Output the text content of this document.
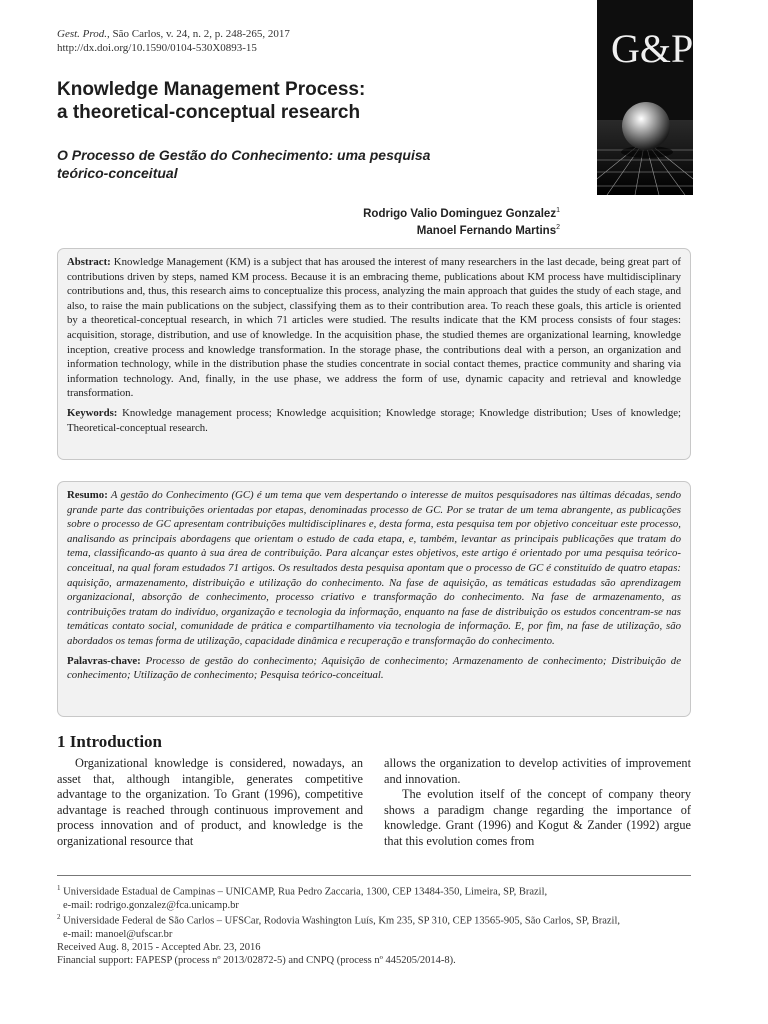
Gest. Prod., São Carlos, v. 24, n. 2, p. 248-265, 2017
http://dx.doi.org/10.1590/0104-530X0893-15	G&P
Knowledge Management Process:
a theoretical-conceptual research
O Processo de Gestão do Conhecimento: uma pesquisa
teórico-conceitual
Rodrigo Valio Dominguez Gonzalez$^1$
Manoel Fernando Martins$^2$

Abstract: Knowledge Management (KM) is a subject that has aroused the interest of many researchers in the last decade, being great part of contributions driven by steps, named KM process. Because it is an embracing theme, publications about KM process have multidisciplinary contributions and, thus, this research aims to conceptualize this process, analyzing the main approach that guides the study of each stage, and also, to raise the main publications on the subject, classifying them as to their contribution area. To reach these goals, this article is oriented by a theoretical-conceptual research, in which 71 articles were studied. The results indicate that the KM process consists of four stages: acquisition, storage, distribution, and use of knowledge. In the acquisition phase, the studied themes are organizational learning, knowledge inception, creative process and knowledge transformation. In the storage phase, the contributions deal with a person, an organization and information technology, while in the distribution phase the studies concentrate in social contact themes, practice community and sharing via information technology. And, finally, in the use phase, we address the form of use, dynamic capacity and retrieval and knowledge transformation.

Keywords: Knowledge management process; Knowledge acquisition; Knowledge storage; Knowledge distribution; Uses of knowledge; Theoretical-conceptual research.

Resumo: A gestão do Conhecimento (GC) é um tema que vem despertando o interesse de muitos pesquisadores nas últimas décadas, sendo grande parte das contribuições orientadas por etapas, denominadas processo de GC. Por se tratar de um tema abrangente, as publicações sobre o processo de GC apresentam contribuições multidisciplinares e, desta forma, esta pesquisa tem por objetivo conceituar este processo, analisando as principais abordagens que orientam o estudo de cada etapa, e, também, levantar as principais publicações que tratam do tema, classificando-as quanto à sua área de contribuição. Para alcançar estes objetivos, este artigo é orientado por uma pesquisa teórico-conceitual, na qual foram estudados 71 artigos. Os resultados desta pesquisa apontam que o processo de GC é constituído de quatro etapas: aquisição, armazenamento, distribuição e utilização do conhecimento. Na fase de aquisição, as temáticas estudadas são aprendizagem organizacional, absorção de conhecimento, processo criativo e transformação do conhecimento. Na fase de armazenamento, as contribuições tratam do indivíduo, organização e tecnologia da informação, enquanto na fase de distribuição os estudos concentram-se nas temáticas contato social, comunidade de prática e compartilhamento via tecnologia de informação. E, por fim, na fase de utilização, são abordados os temas forma de utilização, capacidade dinâmica e recuperação e transformação do conhecimento.

Palavras-chave: Processo de gestão do conhecimento; Aquisição de conhecimento; Armazenamento de conhecimento; Distribuição de conhecimento; Utilização de conhecimento; Pesquisa teórico-conceitual.

1 Introduction

Organizational knowledge is considered, nowadays, an asset that, although intangible, generates competitive advantage to the organization. To Grant (1996), competitive advantage is reached through continuous improvement and process innovation and of product, and knowledge is the organizational resource that

allows the organization to develop activities of improvement and innovation.

The evolution itself of the concept of company theory shows a paradigm change regarding the importance of knowledge. Grant (1996) and Kogut & Zander (1992) argue that this evolution comes from

$^1$ Universidade Estadual de Campinas – UNICAMP, Rua Pedro Zaccaria, 1300, CEP 13484-350, Limeira, SP, Brazil,
e-mail: rodrigo.gonzalez@fca.unicamp.br
$^2$ Universidade Federal de São Carlos – UFSCar, Rodovia Washington Luís, Km 235, SP 310, CEP 13565-905, São Carlos, SP, Brazil,
e-mail: manoel@ufscar.br
Received Aug. 8, 2015 - Accepted Abr. 23, 2016
Financial support: FAPESP (process nº 2013/02872-5) and CNPQ (process nº 445205/2014-8).
